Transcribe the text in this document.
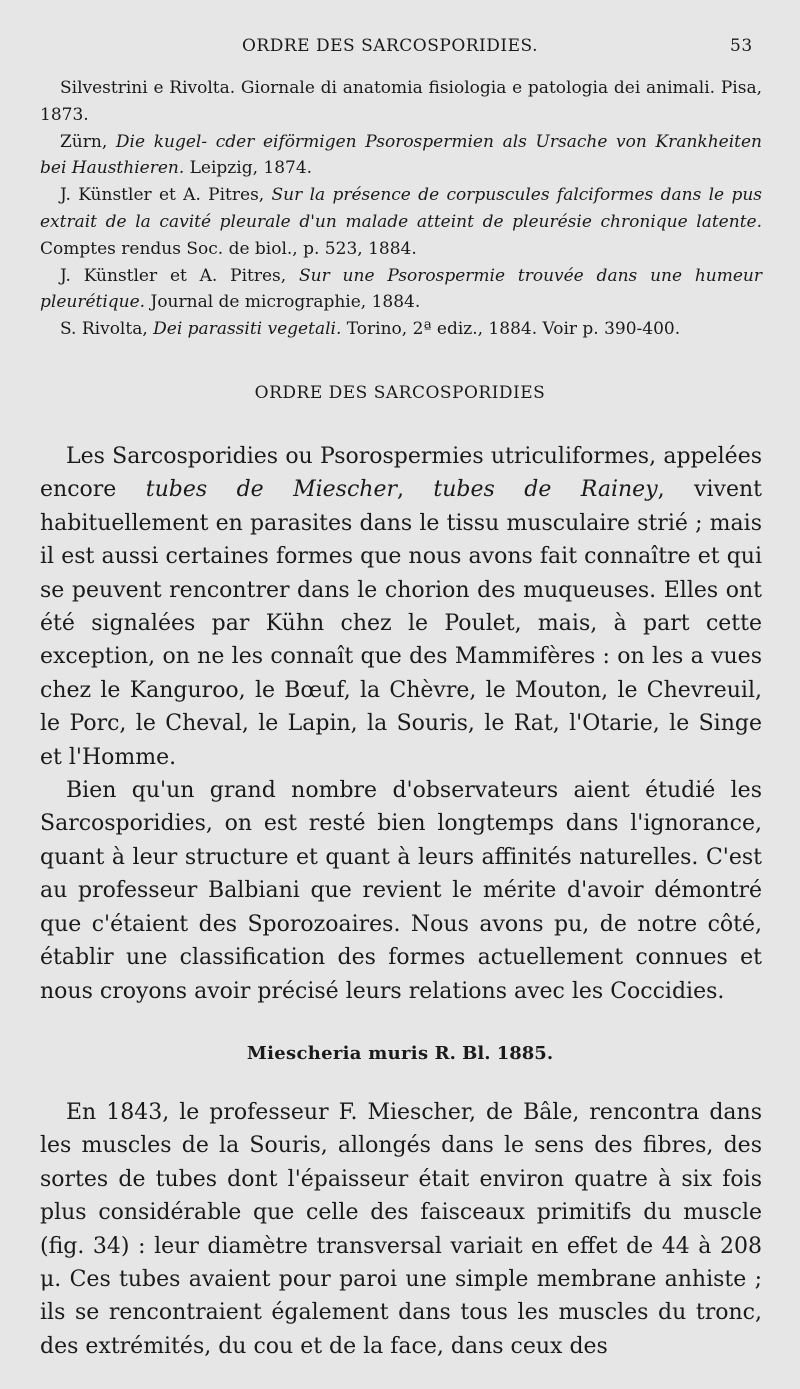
ORDRE DES SARCOSPORIDIES.	53

Silvestrini e Rivolta. Giornale di anatomia fisiologia e patologia dei animali. Pisa, 1873.

Zürn, Die kugel- cder eiförmigen Psorospermien als Ursache von Krankheiten bei Hausthieren. Leipzig, 1874.

J. Künstler et A. Pitres, Sur la présence de corpuscules falciformes dans le pus extrait de la cavité pleurale d'un malade atteint de pleurésie chronique latente. Comptes rendus Soc. de biol., p. 523, 1884.

J. Künstler et A. Pitres, Sur une Psorospermie trouvée dans une humeur pleurétique. Journal de micrographie, 1884.

S. Rivolta, Dei parassiti vegetali. Torino, 2ª ediz., 1884. Voir p. 390-400.

ORDRE DES SARCOSPORIDIES

Les Sarcosporidies ou Psorospermies utriculiformes, appelées encore tubes de Miescher, tubes de Rainey, vivent habituellement en parasites dans le tissu musculaire strié ; mais il est aussi certaines formes que nous avons fait connaître et qui se peuvent rencontrer dans le chorion des muqueuses. Elles ont été signalées par Kühn chez le Poulet, mais, à part cette exception, on ne les connaît que des Mammifères : on les a vues chez le Kanguroo, le Bœuf, la Chèvre, le Mouton, le Chevreuil, le Porc, le Cheval, le Lapin, la Souris, le Rat, l'Otarie, le Singe et l'Homme.

Bien qu'un grand nombre d'observateurs aient étudié les Sarcosporidies, on est resté bien longtemps dans l'ignorance, quant à leur structure et quant à leurs affinités naturelles. C'est au professeur Balbiani que revient le mérite d'avoir démontré que c'étaient des Sporozoaires. Nous avons pu, de notre côté, établir une classification des formes actuellement connues et nous croyons avoir précisé leurs relations avec les Coccidies.

Miescheria muris R. Bl. 1885.

En 1843, le professeur F. Miescher, de Bâle, rencontra dans les muscles de la Souris, allongés dans le sens des fibres, des sortes de tubes dont l'épaisseur était environ quatre à six fois plus considérable que celle des faisceaux primitifs du muscle (fig. 34) : leur diamètre transversal variait en effet de 44 à 208 μ. Ces tubes avaient pour paroi une simple membrane anhiste ; ils se rencontraient également dans tous les muscles du tronc, des extrémités, du cou et de la face, dans ceux des
